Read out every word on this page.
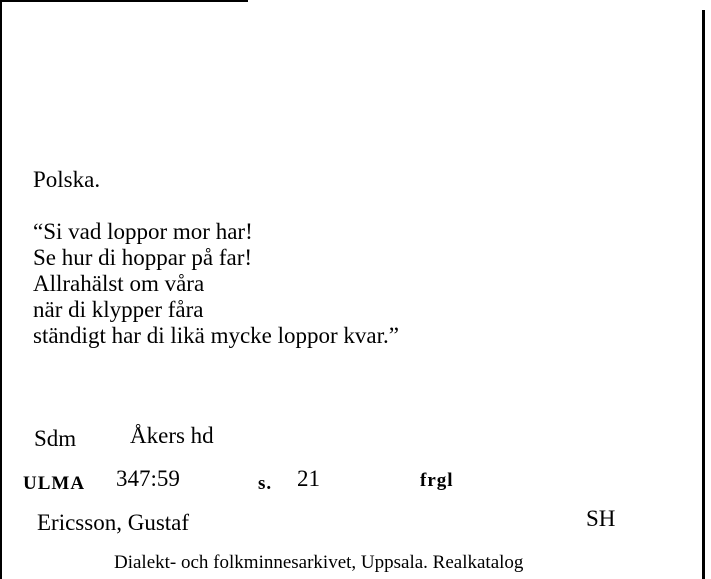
Polska.
“Si vad loppor mor har!
Se hur di hoppar på far!
Allrahälst om våra
när di klypper fåra
ständigt har di likä mycke loppor kvar.”
Sdm Åkers hd
ULMA 347:59	s. 21	frgl
Ericsson, Gustaf	SH
Dialekt- och folkminnesarkivet, Uppsala. Realkatalog
